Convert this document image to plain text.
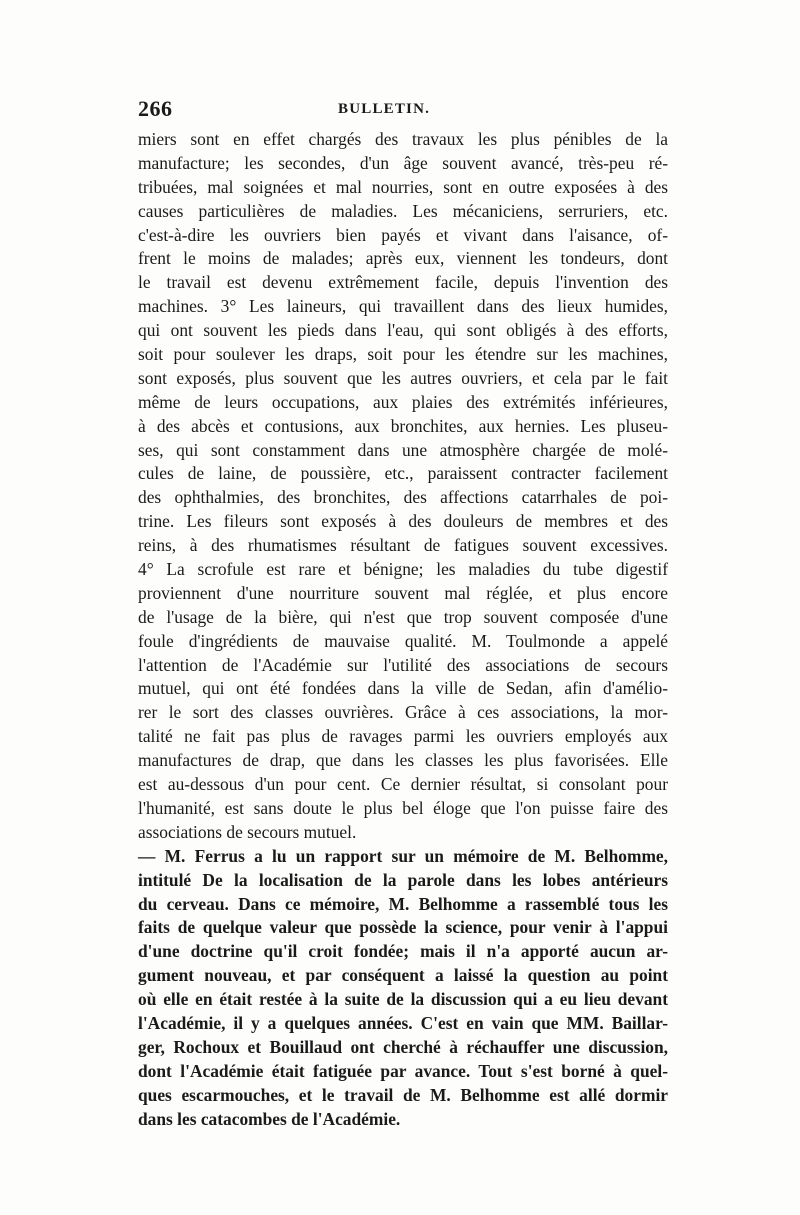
266	BULLETIN.
miers sont en effet chargés des travaux les plus pénibles de la
manufacture; les secondes, d'un âge souvent avancé, très-peu ré-
tribuées, mal soignées et mal nourries, sont en outre exposées à des
causes particulières de maladies. Les mécaniciens, serruriers, etc.
c'est-à-dire les ouvriers bien payés et vivant dans l'aisance, of-
frent le moins de malades; après eux, viennent les tondeurs, dont
le travail est devenu extrêmement facile, depuis l'invention des
machines. 3° Les laineurs, qui travaillent dans des lieux humides,
qui ont souvent les pieds dans l'eau, qui sont obligés à des efforts,
soit pour soulever les draps, soit pour les étendre sur les machines,
sont exposés, plus souvent que les autres ouvriers, et cela par le fait
même de leurs occupations, aux plaies des extrémités inférieures,
à des abcès et contusions, aux bronchites, aux hernies. Les pluseu-
ses, qui sont constamment dans une atmosphère chargée de molé-
cules de laine, de poussière, etc., paraissent contracter facilement
des ophthalmies, des bronchites, des affections catarrhales de poi-
trine. Les fileurs sont exposés à des douleurs de membres et des
reins, à des rhumatismes résultant de fatigues souvent excessives.
4° La scrofule est rare et bénigne; les maladies du tube digestif
proviennent d'une nourriture souvent mal réglée, et plus encore
de l'usage de la bière, qui n'est que trop souvent composée d'une
foule d'ingrédients de mauvaise qualité. M. Toulmonde a appelé
l'attention de l'Académie sur l'utilité des associations de secours
mutuel, qui ont été fondées dans la ville de Sedan, afin d'amélio-
rer le sort des classes ouvrières. Grâce à ces associations, la mor-
talité ne fait pas plus de ravages parmi les ouvriers employés aux
manufactures de drap, que dans les classes les plus favorisées. Elle
est au-dessous d'un pour cent. Ce dernier résultat, si consolant pour
l'humanité, est sans doute le plus bel éloge que l'on puisse faire des
associations de secours mutuel.
— M. Ferrus a lu un rapport sur un mémoire de M. Belhomme,
intitulé De la localisation de la parole dans les lobes antérieurs
du cerveau. Dans ce mémoire, M. Belhomme a rassemblé tous les
faits de quelque valeur que possède la science, pour venir à l'appui
d'une doctrine qu'il croit fondée; mais il n'a apporté aucun ar-
gument nouveau, et par conséquent a laissé la question au point
où elle en était restée à la suite de la discussion qui a eu lieu devant
l'Académie, il y a quelques années. C'est en vain que MM. Baillar-
ger, Rochoux et Bouillaud ont cherché à réchauffer une discussion,
dont l'Académie était fatiguée par avance. Tout s'est borné à quel-
ques escarmouches, et le travail de M. Belhomme est allé dormir
dans les catacombes de l'Académie.
